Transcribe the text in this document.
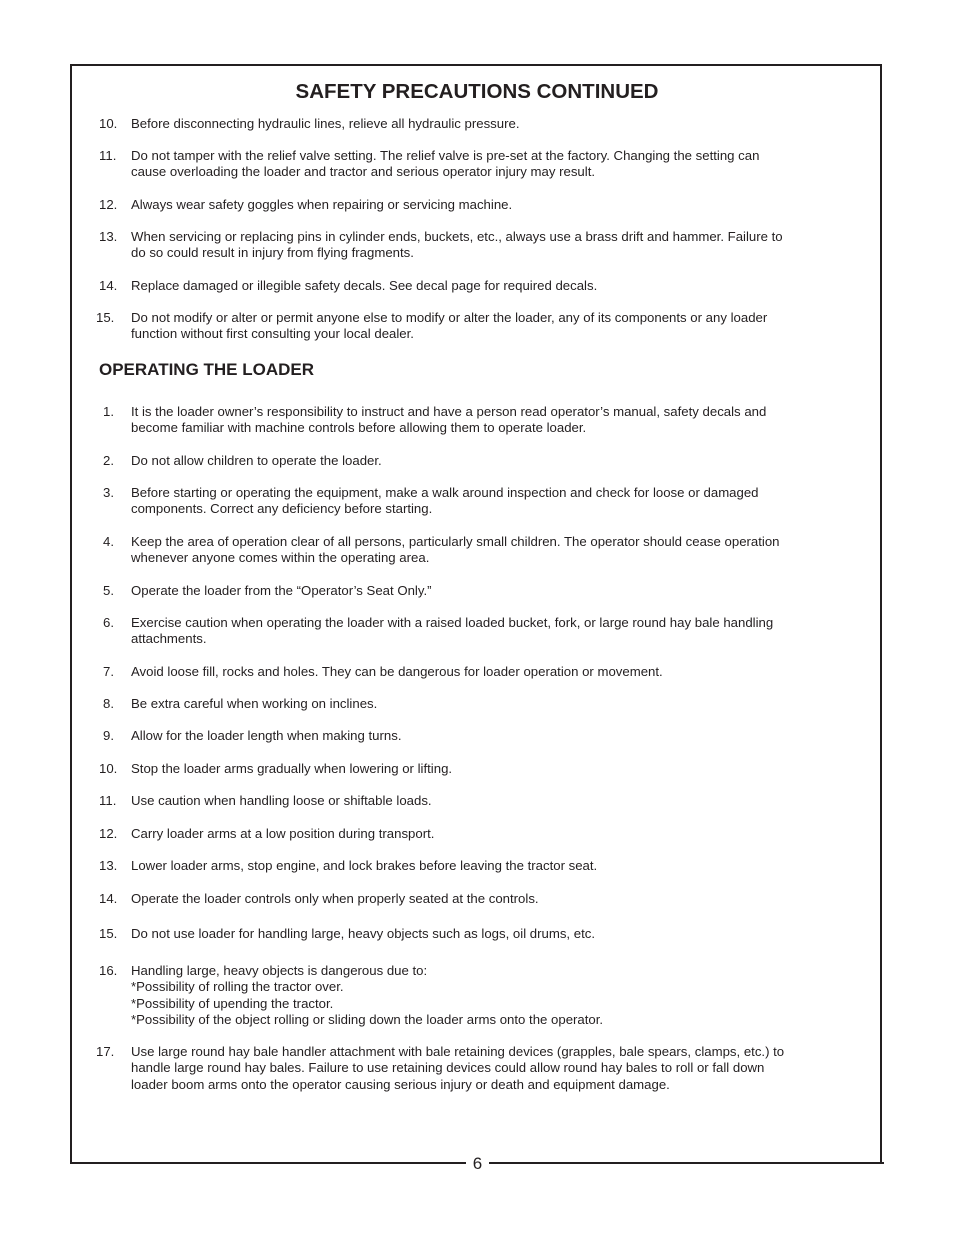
6
SAFETY PRECAUTIONS CONTINUED
OPERATING THE LOADER
10. Before disconnecting hydraulic lines, relieve all hydraulic pressure.
11. Do not tamper with the relief valve setting. The relief valve is pre-set at the factory. Changing the setting can
cause overloading the loader and tractor and serious operator injury may result.
12. Always wear safety goggles when repairing or servicing machine.
13. When servicing or replacing pins in cylinder ends, buckets, etc., always use a brass drift and hammer. Failure to
do so could result in injury from flying fragments.
14. Replace damaged or illegible safety decals. See decal page for required decals.
15. Do not modify or alter or permit anyone else to modify or alter the loader, any of its components or any loader
function without first consulting your local dealer.
1. It is the loader owner’s responsibility to instruct and have a person read operator’s manual, safety decals and
become familiar with machine controls before allowing them to operate loader.
2. Do not allow children to operate the loader.
3. Before starting or operating the equipment, make a walk around inspection and check for loose or damaged
components. Correct any deficiency before starting.
4. Keep the area of operation clear of all persons, particularly small children. The operator should cease operation
whenever anyone comes within the operating area.
5. Operate the loader from the “Operator’s Seat Only.”
6. Exercise caution when operating the loader with a raised loaded bucket, fork, or large round hay bale handling
attachments.
7. Avoid loose fill, rocks and holes. They can be dangerous for loader operation or movement.
8. Be extra careful when working on inclines.
9. Allow for the loader length when making turns.
10. Stop the loader arms gradually when lowering or lifting.
11. Use caution when handling loose or shiftable loads.
12. Carry loader arms at a low position during transport.
13. Lower loader arms, stop engine, and lock brakes before leaving the tractor seat.
14. Operate the loader controls only when properly seated at the controls.
15. Do not use loader for handling large, heavy objects such as logs, oil drums, etc.
16. Handling large, heavy objects is dangerous due to:
*Possibility of rolling the tractor over.
*Possibility of upending the tractor.
*Possibility of the object rolling or sliding down the loader arms onto the operator.
17. Use large round hay bale handler attachment with bale retaining devices (grapples, bale spears, clamps, etc.) to
handle large round hay bales. Failure to use retaining devices could allow round hay bales to roll or fall down
loader boom arms onto the operator causing serious injury or death and equipment damage.
